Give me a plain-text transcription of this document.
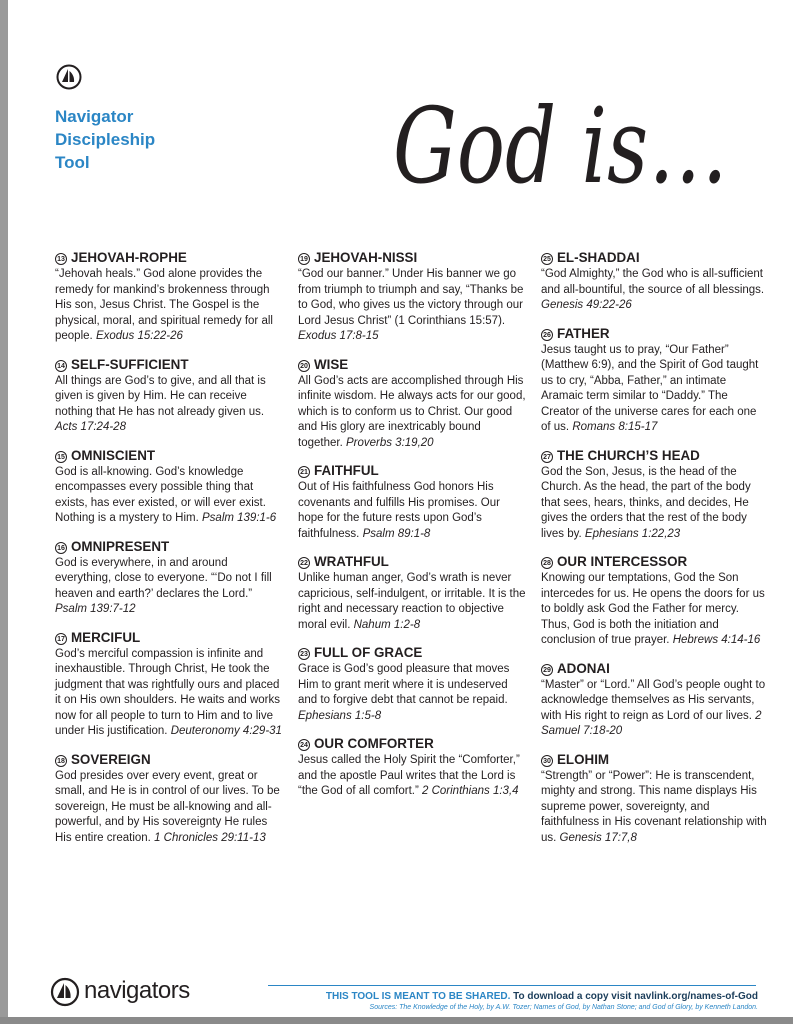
Navigator
Discipleship
Tool	God is…
13 JEHOVAH-ROPHE
“Jehovah heals.” God alone provides the remedy for mankind’s brokenness through His son, Jesus Christ. The Gospel is the physical, moral, and spiritual remedy for all people. Exodus 15:22-26
14 SELF-SUFFICIENT
All things are God’s to give, and all that is given is given by Him. He can receive nothing that He has not already given us. Acts 17:24-28
15 OMNISCIENT
God is all-knowing. God’s knowledge encompasses every possible thing that exists, has ever existed, or will ever exist. Nothing is a mystery to Him. Psalm 139:1-6
16 OMNIPRESENT
God is everywhere, in and around everything, close to everyone. “‘Do not I fill heaven and earth?’ declares the Lord.” Psalm 139:7-12
17 MERCIFUL
God’s merciful compassion is infinite and inexhaustible. Through Christ, He took the judgment that was rightfully ours and placed it on His own shoulders. He waits and works now for all people to turn to Him and to live under His justification. Deuteronomy 4:29-31
18 SOVEREIGN
God presides over every event, great or small, and He is in control of our lives. To be sovereign, He must be all-knowing and all-powerful, and by His sovereignty He rules His entire creation. 1 Chronicles 29:11-13
19 JEHOVAH-NISSI
“God our banner.” Under His banner we go from triumph to triumph and say, “Thanks be to God, who gives us the victory through our Lord Jesus Christ” (1 Corinthians 15:57). Exodus 17:8-15
20 WISE
All God’s acts are accomplished through His infinite wisdom. He always acts for our good, which is to conform us to Christ. Our good and His glory are inextricably bound together. Proverbs 3:19,20
21 FAITHFUL
Out of His faithfulness God honors His covenants and fulfills His promises. Our hope for the future rests upon God’s faithfulness. Psalm 89:1-8
22 WRATHFUL
Unlike human anger, God’s wrath is never capricious, self-indulgent, or irritable. It is the right and necessary reaction to objective moral evil. Nahum 1:2-8
23 FULL OF GRACE
Grace is God’s good pleasure that moves Him to grant merit where it is undeserved and to forgive debt that cannot be repaid. Ephesians 1:5-8
24 OUR COMFORTER
Jesus called the Holy Spirit the “Comforter,” and the apostle Paul writes that the Lord is “the God of all comfort.” 2 Corinthians 1:3,4
25 EL-SHADDAI
“God Almighty,” the God who is all-sufficient and all-bountiful, the source of all blessings. Genesis 49:22-26
26 FATHER
Jesus taught us to pray, “Our Father” (Matthew 6:9), and the Spirit of God taught us to cry, “Abba, Father,” an intimate Aramaic term similar to “Daddy.” The Creator of the universe cares for each one of us. Romans 8:15-17
27 THE CHURCH’S HEAD
God the Son, Jesus, is the head of the Church. As the head, the part of the body that sees, hears, thinks, and decides, He gives the orders that the rest of the body lives by. Ephesians 1:22,23
28 OUR INTERCESSOR
Knowing our temptations, God the Son intercedes for us. He opens the doors for us to boldly ask God the Father for mercy. Thus, God is both the initiation and conclusion of true prayer. Hebrews 4:14-16
29 ADONAI
“Master” or “Lord.” All God’s people ought to acknowledge themselves as His servants, with His right to reign as Lord of our lives. 2 Samuel 7:18-20
30 ELOHIM
“Strength” or “Power”: He is transcendent, mighty and strong. This name displays His supreme power, sovereignty, and faithfulness in His covenant relationship with us. Genesis 17:7,8
navigators	THIS TOOL IS MEANT TO BE SHARED. To download a copy visit navlink.org/names-of-God
Sources: The Knowledge of the Holy, by A.W. Tozer; Names of God, by Nathan Stone; and God of Glory, by Kenneth Landon.
